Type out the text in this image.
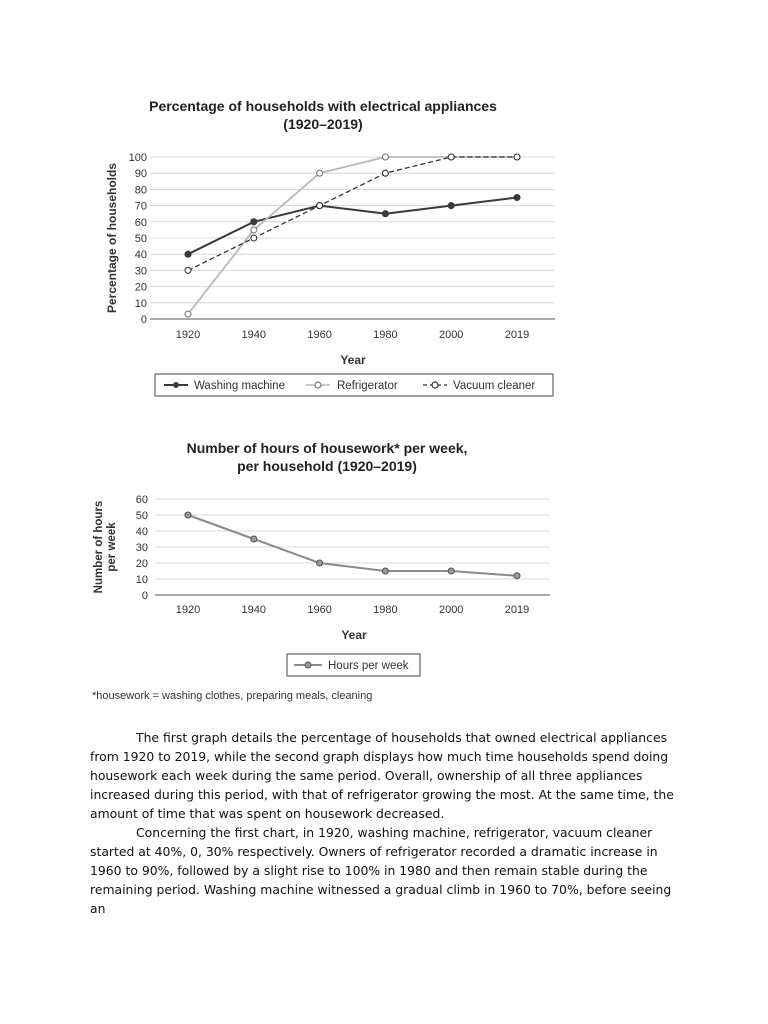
Percentage of households with electrical appliances
(1920–2019)
Percentage of households
0
10
20
30
40
50
60
70
80
90
100
1920	1940	1960	1980	2000	2019
Year
Washing machine	Refrigerator	Vacuum cleaner
Number of hours of housework* per week,
per household (1920–2019)
Number of hours per week
0
10
20
30
40
50
60
1920	1940	1960	1980	2000	2019
Year
Hours per week
*housework = washing clothes, preparing meals, cleaning

The first graph details the percentage of households that owned electrical appliances from 1920 to 2019, while the second graph displays how much time households spend doing housework each week during the same period. Overall, ownership of all three appliances increased during this period, with that of refrigerator growing the most. At the same time, the amount of time that was spent on housework decreased.

Concerning the first chart, in 1920, washing machine, refrigerator, vacuum cleaner started at 40%, 0, 30% respectively. Owners of refrigerator recorded a dramatic increase in 1960 to 90%, followed by a slight rise to 100% in 1980 and then remain stable during the remaining period. Washing machine witnessed a gradual climb in 1960 to 70%, before seeing an
